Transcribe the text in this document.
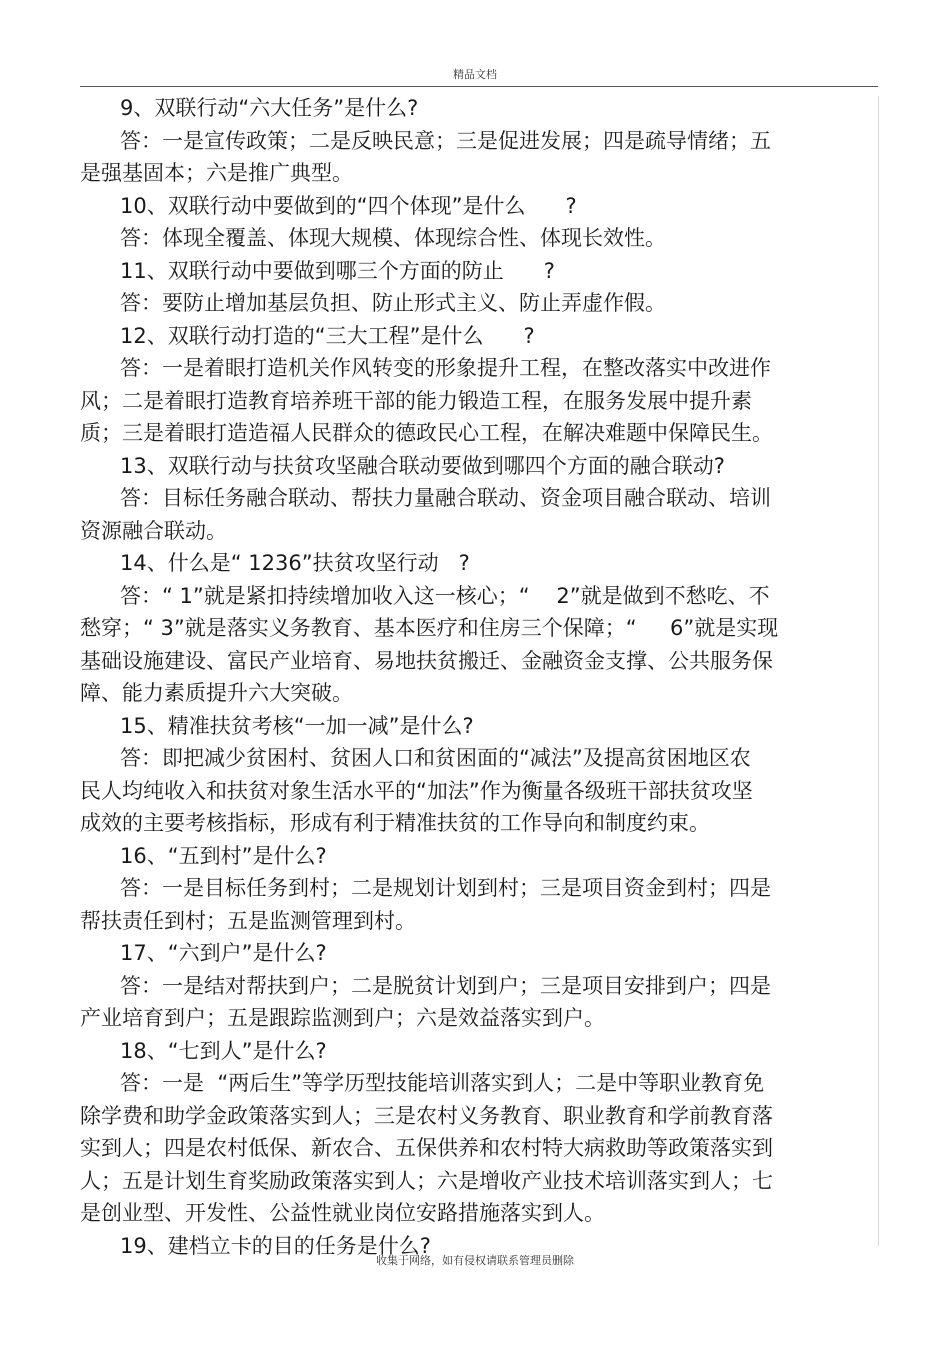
精品文档
9、双联行动“六大任务”是什么?
答：一是宣传政策；二是反映民意；三是促进发展；四是疏导情绪；五
是强基固本；六是推广典型。
10、双联行动中要做到的“四个体现”是什么      ?
答：体现全覆盖、体现大规模、体现综合性、体现长效性。
11、双联行动中要做到哪三个方面的防止      ?
答：要防止增加基层负担、防止形式主义、防止弄虚作假。
12、双联行动打造的“三大工程”是什么      ?
答：一是着眼打造机关作风转变的形象提升工程，在整改落实中改进作
风；二是着眼打造教育培养班干部的能力锻造工程，在服务发展中提升素
质；三是着眼打造造福人民群众的德政民心工程，在解决难题中保障民生。
13、双联行动与扶贫攻坚融合联动要做到哪四个方面的融合联动?
答：目标任务融合联动、帮扶力量融合联动、资金项目融合联动、培训
资源融合联动。
14、什么是“ 1236”扶贫攻坚行动   ?
答：“ 1”就是紧扣持续增加收入这一核心；“    2”就是做到不愁吃、不
愁穿；“ 3”就是落实义务教育、基本医疗和住房三个保障；“     6”就是实现
基础设施建设、富民产业培育、易地扶贫搬迁、金融资金支撑、公共服务保
障、能力素质提升六大突破。
15、精准扶贫考核“一加一减”是什么?
答：即把减少贫困村、贫困人口和贫困面的“减法”及提高贫困地区农
民人均纯收入和扶贫对象生活水平的“加法”作为衡量各级班干部扶贫攻坚
成效的主要考核指标，形成有利于精准扶贫的工作导向和制度约束。
16、“五到村”是什么?
答：一是目标任务到村；二是规划计划到村；三是项目资金到村；四是
帮扶责任到村；五是监测管理到村。
17、“六到户”是什么?
答：一是结对帮扶到户；二是脱贫计划到户；三是项目安排到户；四是
产业培育到户；五是跟踪监测到户；六是效益落实到户。
18、“七到人”是什么?
答：一是  “两后生”等学历型技能培训落实到人；二是中等职业教育免
除学费和助学金政策落实到人；三是农村义务教育、职业教育和学前教育落
实到人；四是农村低保、新农合、五保供养和农村特大病救助等政策落实到
人；五是计划生育奖励政策落实到人；六是增收产业技术培训落实到人；七
是创业型、开发性、公益性就业岗位安路措施落实到人。
19、建档立卡的目的任务是什么?
收集于网络，如有侵权请联系管理员删除
